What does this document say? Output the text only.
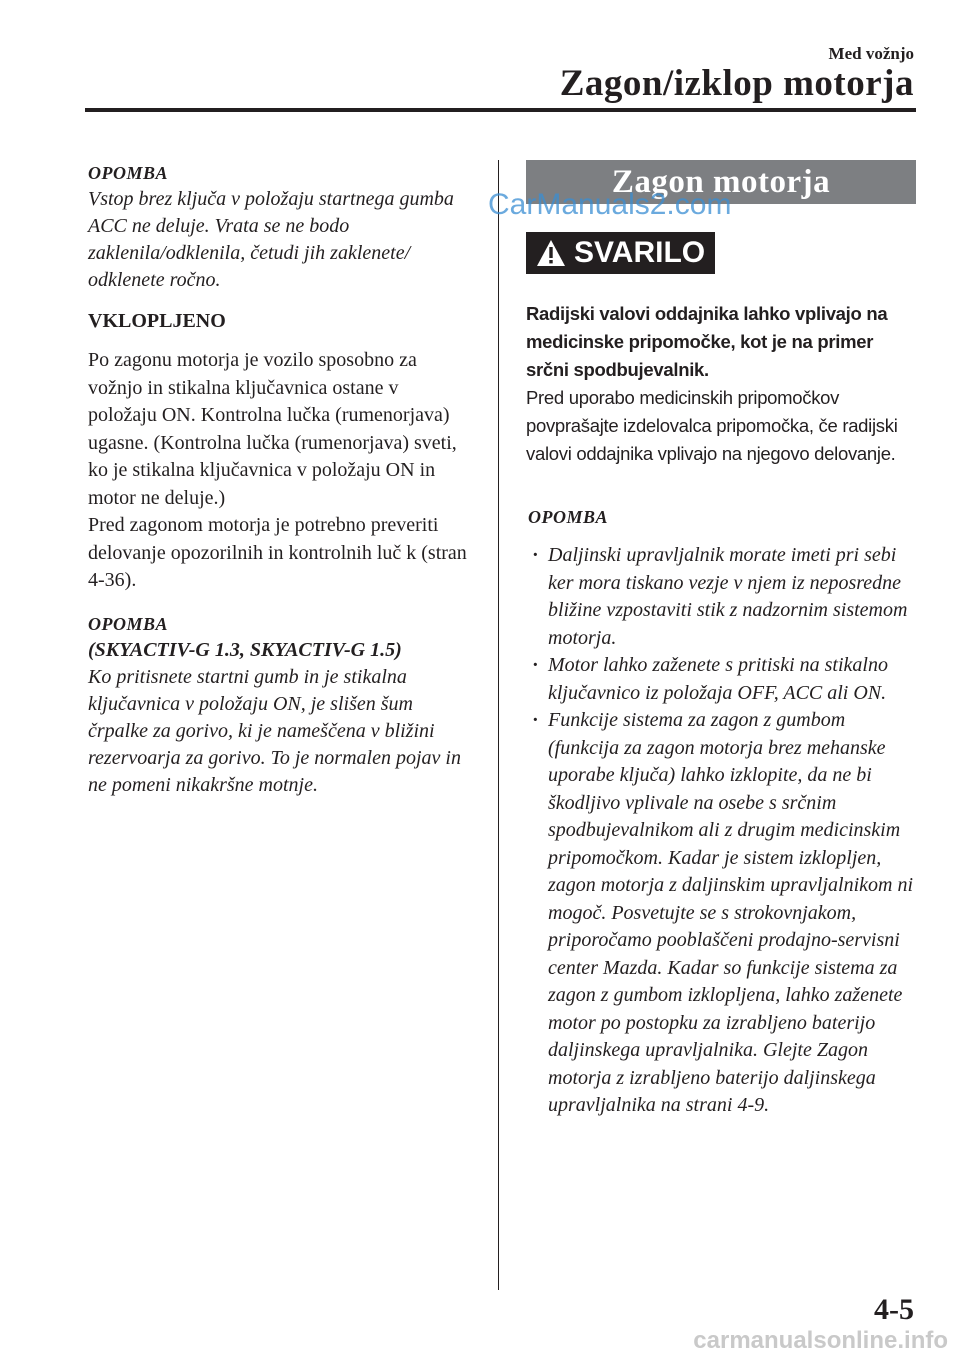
Med vožnjo
Zagon/izklop motorja
OPOMBA
Vstop brez ključa v položaju startnega gumba ACC ne deluje. Vrata se ne bodo zaklenila/odklenila, četudi jih zaklenete/ odklenete ročno.
VKLOPLJENO
Po zagonu motorja je vozilo sposobno za vožnjo in stikalna ključavnica ostane v položaju ON. Kontrolna lučka (rumenorjava) ugasne. (Kontrolna lučka (rumenorjava) sveti, ko je stikalna ključavnica v položaju ON in motor ne deluje.)
Pred zagonom motorja je potrebno preveriti delovanje opozorilnih in kontrolnih luč k (stran 4-36).
OPOMBA
(SKYACTIV-G 1.3, SKYACTIV-G 1.5)
Ko pritisnete startni gumb in je stikalna ključavnica v položaju ON, je slišen šum črpalke za gorivo, ki je nameščena v bližini rezervoarja za gorivo. To je normalen pojav in ne pomeni nikakršne motnje.
Zagon motorja
SVARILO
Radijski valovi oddajnika lahko vplivajo na medicinske pripomočke, kot je na primer srčni spodbujevalnik.
Pred uporabo medicinskih pripomočkov povprašajte izdelovalca pripomočka, če radijski valovi oddajnika vplivajo na njegovo delovanje.
OPOMBA
· Daljinski upravljalnik morate imeti pri sebi ker mora tiskano vezje v njem iz neposredne bližine vzpostaviti stik z nadzornim sistemom motorja.
· Motor lahko zaženete s pritiski na stikalno ključavnico iz položaja OFF, ACC ali ON.
· Funkcije sistema za zagon z gumbom (funkcija za zagon motorja brez mehanske uporabe ključa) lahko izklopite, da ne bi škodljivo vplivale na osebe s srčnim spodbujevalnikom ali z drugim medicinskim pripomočkom. Kadar je sistem izklopljen, zagon motorja z daljinskim upravljalnikom ni mogoč. Posvetujte se s strokovnjakom, priporočamo pooblaščeni prodajno-servisni center Mazda. Kadar so funkcije sistema za zagon z gumbom izklopljena, lahko zaženete motor po postopku za izrabljeno baterijo daljinskega upravljalnika. Glejte Zagon motorja z izrabljeno baterijo daljinskega upravljalnika na strani 4-9.
CarManuals2.com
4-5
carmanualsonline.info
